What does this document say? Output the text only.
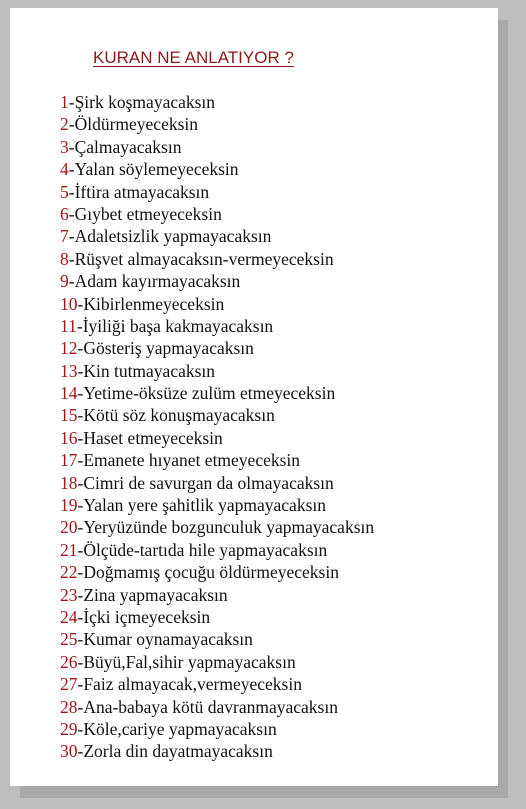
KURAN NE ANLATIYOR ?
1-Şirk koşmayacaksın
2-Öldürmeyeceksin
3-Çalmayacaksın
4-Yalan söylemeyeceksin
5-İftira atmayacaksın
6-Gıybet etmeyeceksin
7-Adaletsizlik yapmayacaksın
8-Rüşvet almayacaksın-vermeyeceksin
9-Adam kayırmayacaksın
10-Kibirlenmeyeceksin
11-İyiliği başa kakmayacaksın
12-Gösteriş yapmayacaksın
13-Kin tutmayacaksın
14-Yetime-öksüze zulüm etmeyeceksin
15-Kötü söz konuşmayacaksın
16-Haset etmeyeceksin
17-Emanete hıyanet etmeyeceksin
18-Cimri de savurgan da olmayacaksın
19-Yalan yere şahitlik yapmayacaksın
20-Yeryüzünde bozgunculuk yapmayacaksın
21-Ölçüde-tartıda hile yapmayacaksın
22-Doğmamış çocuğu öldürmeyeceksin
23-Zina yapmayacaksın
24-İçki içmeyeceksin
25-Kumar oynamayacaksın
26-Büyü,Fal,sihir yapmayacaksın
27-Faiz almayacak,vermeyeceksin
28-Ana-babaya kötü davranmayacaksın
29-Köle,cariye yapmayacaksın
30-Zorla din dayatmayacaksın
